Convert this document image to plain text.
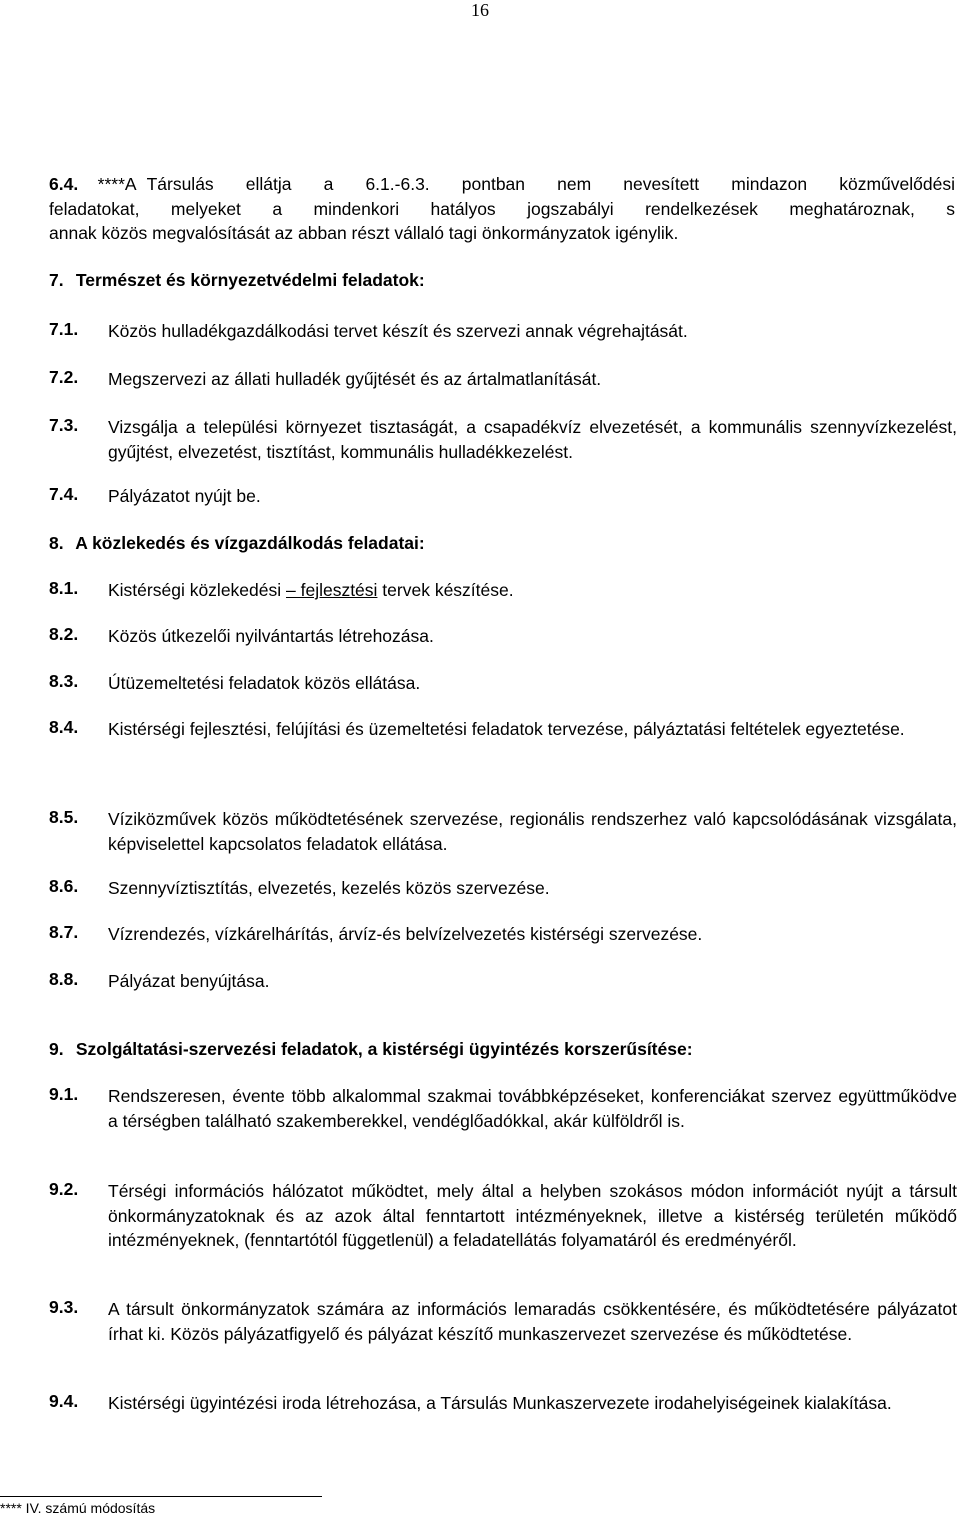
16
6.4. ****A Társulás ellátja a 6.1.-6.3. pontban nem nevesített mindazon közművelődési
feladatokat, melyeket a mindenkori hatályos jogszabályi rendelkezések meghatároznak, s
annak közös megvalósítását az abban részt vállaló tagi önkormányzatok igénylik.
7. Természet és környezetvédelmi feladatok:
7.1. Közös hulladékgazdálkodási tervet készít és szervezi annak végrehajtását.
7.2. Megszervezi az állati hulladék gyűjtését és az ártalmatlanítását.
7.3. Vizsgálja a települési környezet tisztaságát, a csapadékvíz elvezetését, a kommunális szennyvízkezelést, gyűjtést, elvezetést, tisztítást, kommunális hulladékkezelést.
7.4. Pályázatot nyújt be.
8. A közlekedés és vízgazdálkodás feladatai:
8.1. Kistérségi közlekedési – fejlesztési tervek készítése.
8.2. Közös útkezelői nyilvántartás létrehozása.
8.3. Útüzemeltetési feladatok közös ellátása.
8.4. Kistérségi fejlesztési, felújítási és üzemeltetési feladatok tervezése, pályáztatási feltételek egyeztetése.
8.5. Víziközművek közös működtetésének szervezése, regionális rendszerhez való kapcsolódásának vizsgálata, képviselettel kapcsolatos feladatok ellátása.
8.6. Szennyvíztisztítás, elvezetés, kezelés közös szervezése.
8.7. Vízrendezés, vízkárelhárítás, árvíz-és belvízelvezetés kistérségi szervezése.
8.8. Pályázat benyújtása.
9. Szolgáltatási-szervezési feladatok, a kistérségi ügyintézés korszerűsítése:
9.1. Rendszeresen, évente több alkalommal szakmai továbbképzéseket, konferenciákat szervez együttműködve a térségben található szakemberekkel, vendéglőadókkal, akár külföldről is.
9.2. Térségi információs hálózatot működtet, mely által a helyben szokásos módon információt nyújt a társult önkormányzatoknak és az azok által fenntartott intézményeknek, illetve a kistérség területén működő intézményeknek, (fenntartótól függetlenül) a feladatellátás folyamatáról és eredményéről.
9.3. A társult önkormányzatok számára az információs lemaradás csökkentésére, és működtetésére pályázatot írhat ki. Közös pályázatfigyelő és pályázat készítő munkaszervezet szervezése és működtetése.
9.4. Kistérségi ügyintézési iroda létrehozása, a Társulás Munkaszervezete irodahelyiségeinek kialakítása.
**** IV. számú módosítás
